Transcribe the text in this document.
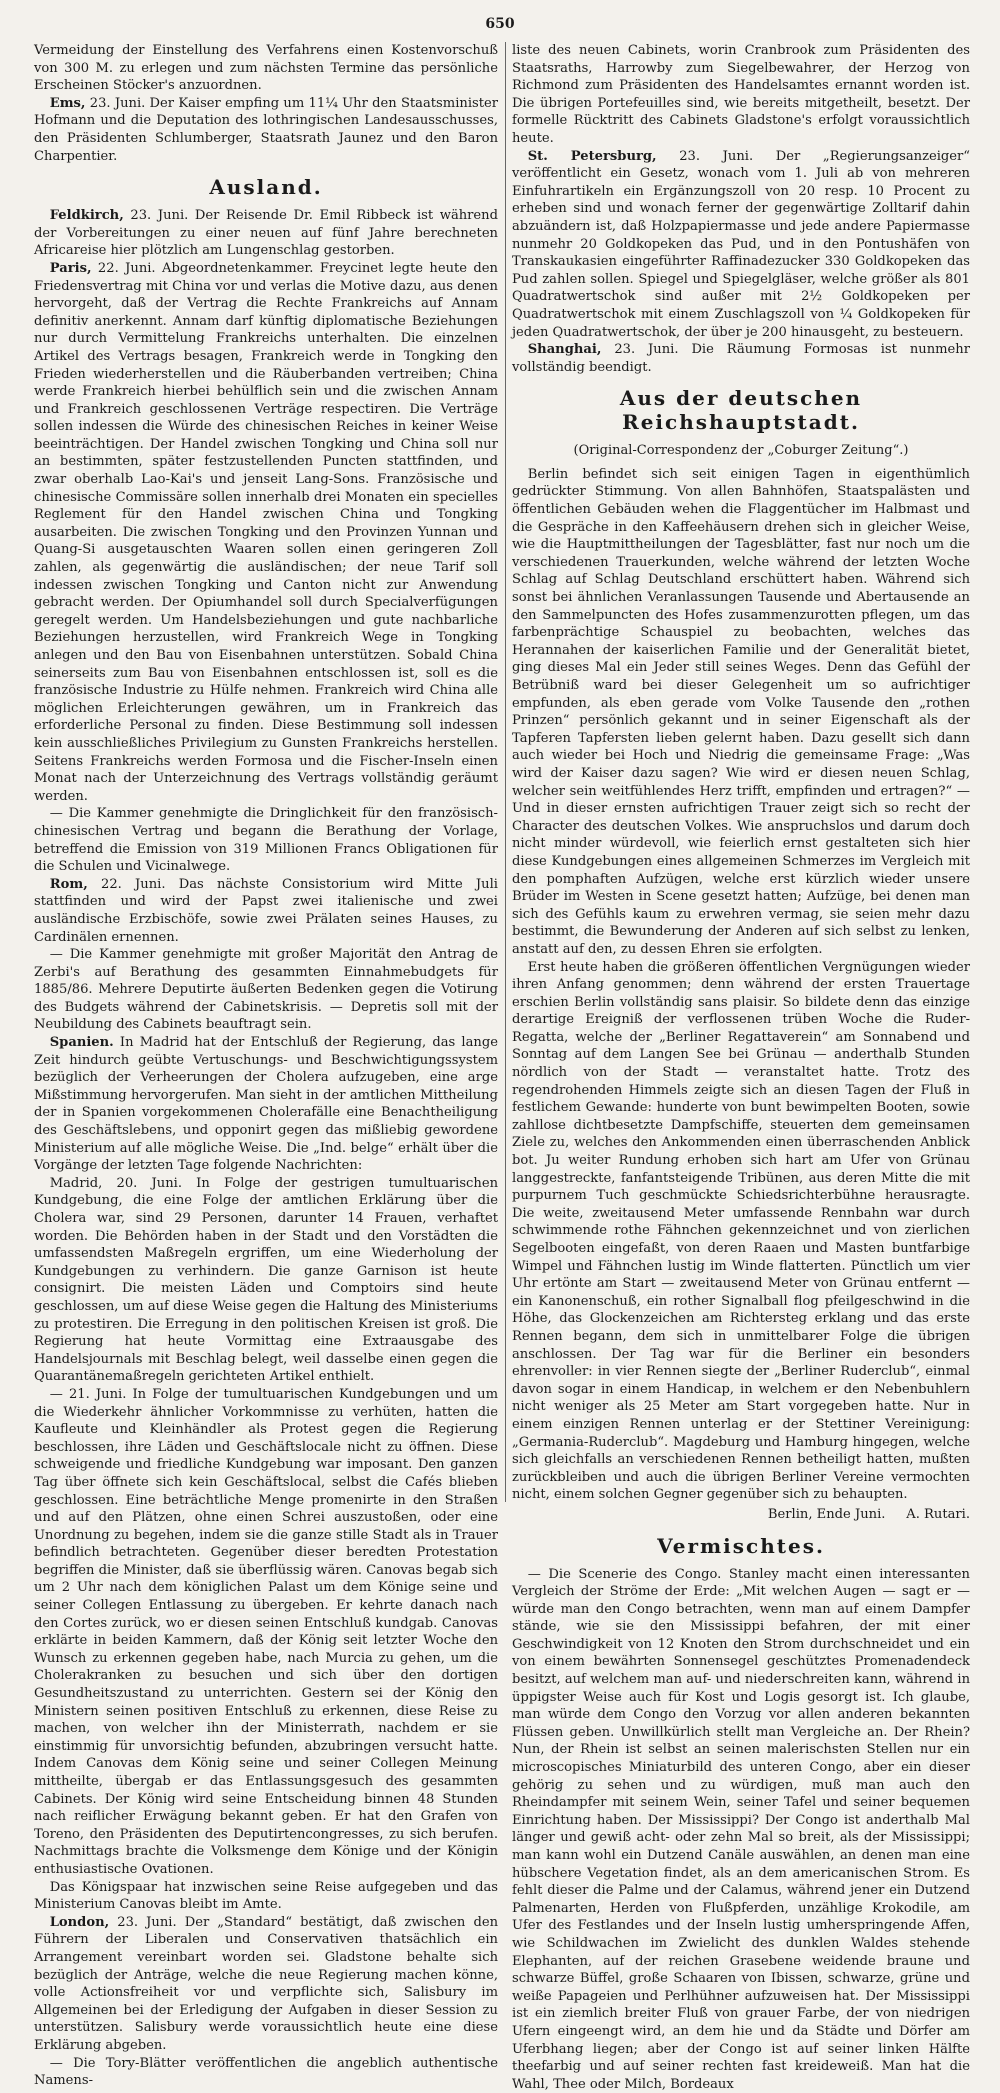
650

Vermeidung der Einstellung des Verfahrens einen Kostenvorschuß von 300 M. zu erlegen und zum nächsten Termine das persönliche Erscheinen Stöcker's anzuordnen.

Ems, 23. Juni. Der Kaiser empfing um 11¼ Uhr den Staatsminister Hofmann und die Deputation des lothringischen Landesausschusses, den Präsidenten Schlumberger, Staatsrath Jaunez und den Baron Charpentier.

Ausland.

Feldkirch, 23. Juni. Der Reisende Dr. Emil Ribbeck ist während der Vorbereitungen zu einer neuen auf fünf Jahre berechneten Africareise hier plötzlich am Lungenschlag gestorben.

Paris, 22. Juni. Abgeordnetenkammer. Freycinet legte heute den Friedensvertrag mit China vor und verlas die Motive dazu, aus denen hervorgeht, daß der Vertrag die Rechte Frankreichs auf Annam definitiv anerkennt. Annam darf künftig diplomatische Beziehungen nur durch Vermittelung Frankreichs unterhalten. Die einzelnen Artikel des Vertrags besagen, Frankreich werde in Tongking den Frieden wiederherstellen und die Räuberbanden vertreiben; China werde Frankreich hierbei behülflich sein und die zwischen Annam und Frankreich geschlossenen Verträge respectiren. Die Verträge sollen indessen die Würde des chinesischen Reiches in keiner Weise beeinträchtigen. Der Handel zwischen Tongking und China soll nur an bestimmten, später festzustellenden Puncten stattfinden, und zwar oberhalb Lao-Kai's und jenseit Lang-Sons. Französische und chinesische Commissäre sollen innerhalb drei Monaten ein specielles Reglement für den Handel zwischen China und Tongking ausarbeiten. Die zwischen Tongking und den Provinzen Yunnan und Quang-Si ausgetauschten Waaren sollen einen geringeren Zoll zahlen, als gegenwärtig die ausländischen; der neue Tarif soll indessen zwischen Tongking und Canton nicht zur Anwendung gebracht werden. Der Opiumhandel soll durch Specialverfügungen geregelt werden. Um Handelsbeziehungen und gute nachbarliche Beziehungen herzustellen, wird Frankreich Wege in Tongking anlegen und den Bau von Eisenbahnen unterstützen. Sobald China seinerseits zum Bau von Eisenbahnen entschlossen ist, soll es die französische Industrie zu Hülfe nehmen. Frankreich wird China alle möglichen Erleichterungen gewähren, um in Frankreich das erforderliche Personal zu finden. Diese Bestimmung soll indessen kein ausschließliches Privilegium zu Gunsten Frankreichs herstellen. Seitens Frankreichs werden Formosa und die Fischer-Inseln einen Monat nach der Unterzeichnung des Vertrags vollständig geräumt werden.

— Die Kammer genehmigte die Dringlichkeit für den französisch-chinesischen Vertrag und begann die Berathung der Vorlage, betreffend die Emission von 319 Millionen Francs Obligationen für die Schulen und Vicinalwege.

Rom, 22. Juni. Das nächste Consistorium wird Mitte Juli stattfinden und wird der Papst zwei italienische und zwei ausländische Erzbischöfe, sowie zwei Prälaten seines Hauses, zu Cardinälen ernennen.

— Die Kammer genehmigte mit großer Majorität den Antrag de Zerbi's auf Berathung des gesammten Einnahmebudgets für 1885/86. Mehrere Deputirte äußerten Bedenken gegen die Votirung des Budgets während der Cabinetskrisis. — Depretis soll mit der Neubildung des Cabinets beauftragt sein.

Spanien. In Madrid hat der Entschluß der Regierung, das lange Zeit hindurch geübte Vertuschungs- und Beschwichtigungssystem bezüglich der Verheerungen der Cholera aufzugeben, eine arge Mißstimmung hervorgerufen. Man sieht in der amtlichen Mittheilung der in Spanien vorgekommenen Cholerafälle eine Benachtheiligung des Geschäftslebens, und opponirt gegen das mißliebig gewordene Ministerium auf alle mögliche Weise. Die „Ind. belge“ erhält über die Vorgänge der letzten Tage folgende Nachrichten:

Madrid, 20. Juni. In Folge der gestrigen tumultuarischen Kundgebung, die eine Folge der amtlichen Erklärung über die Cholera war, sind 29 Personen, darunter 14 Frauen, verhaftet worden. Die Behörden haben in der Stadt und den Vorstädten die umfassendsten Maßregeln ergriffen, um eine Wiederholung der Kundgebungen zu verhindern. Die ganze Garnison ist heute consignirt. Die meisten Läden und Comptoirs sind heute geschlossen, um auf diese Weise gegen die Haltung des Ministeriums zu protestiren. Die Erregung in den politischen Kreisen ist groß. Die Regierung hat heute Vormittag eine Extraausgabe des Handelsjournals mit Beschlag belegt, weil dasselbe einen gegen die Quarantänemaßregeln gerichteten Artikel enthielt.

— 21. Juni. In Folge der tumultuarischen Kundgebungen und um die Wiederkehr ähnlicher Vorkommnisse zu verhüten, hatten die Kaufleute und Kleinhändler als Protest gegen die Regierung beschlossen, ihre Läden und Geschäftslocale nicht zu öffnen. Diese schweigende und friedliche Kundgebung war imposant. Den ganzen Tag über öffnete sich kein Geschäftslocal, selbst die Cafés blieben geschlossen. Eine beträchtliche Menge promenirte in den Straßen und auf den Plätzen, ohne einen Schrei auszustoßen, oder eine Unordnung zu begehen, indem sie die ganze stille Stadt als in Trauer befindlich betrachteten. Gegenüber dieser beredten Protestation begriffen die Minister, daß sie überflüssig wären. Canovas begab sich um 2 Uhr nach dem königlichen Palast um dem Könige seine und seiner Collegen Entlassung zu übergeben. Er kehrte danach nach den Cortes zurück, wo er diesen seinen Entschluß kundgab. Canovas erklärte in beiden Kammern, daß der König seit letzter Woche den Wunsch zu erkennen gegeben habe, nach Murcia zu gehen, um die Cholerakranken zu besuchen und sich über den dortigen Gesundheitszustand zu unterrichten. Gestern sei der König den Ministern seinen positiven Entschluß zu erkennen, diese Reise zu machen, von welcher ihn der Ministerrath, nachdem er sie einstimmig für unvorsichtig befunden, abzubringen versucht hatte. Indem Canovas dem König seine und seiner Collegen Meinung mittheilte, übergab er das Entlassungsgesuch des gesammten Cabinets. Der König wird seine Entscheidung binnen 48 Stunden nach reiflicher Erwägung bekannt geben. Er hat den Grafen von Toreno, den Präsidenten des Deputirtencongresses, zu sich berufen. Nachmittags brachte die Volksmenge dem Könige und der Königin enthusiastische Ovationen.

Das Königspaar hat inzwischen seine Reise aufgegeben und das Ministerium Canovas bleibt im Amte.

London, 23. Juni. Der „Standard“ bestätigt, daß zwischen den Führern der Liberalen und Conservativen thatsächlich ein Arrangement vereinbart worden sei. Gladstone behalte sich bezüglich der Anträge, welche die neue Regierung machen könne, volle Actionsfreiheit vor und verpflichte sich, Salisbury im Allgemeinen bei der Erledigung der Aufgaben in dieser Session zu unterstützen. Salisbury werde voraussichtlich heute eine diese Erklärung abgeben.

— Die Tory-Blätter veröffentlichen die angeblich authentische Namens-

liste des neuen Cabinets, worin Cranbrook zum Präsidenten des Staatsraths, Harrowby zum Siegelbewahrer, der Herzog von Richmond zum Präsidenten des Handelsamtes ernannt worden ist. Die übrigen Portefeuilles sind, wie bereits mitgetheilt, besetzt. Der formelle Rücktritt des Cabinets Gladstone's erfolgt voraussichtlich heute.

St. Petersburg, 23. Juni. Der „Regierungsanzeiger“ veröffentlicht ein Gesetz, wonach vom 1. Juli ab von mehreren Einfuhrartikeln ein Ergänzungszoll von 20 resp. 10 Procent zu erheben sind und wonach ferner der gegenwärtige Zolltarif dahin abzuändern ist, daß Holzpapiermasse und jede andere Papiermasse nunmehr 20 Goldkopeken das Pud, und in den Pontushäfen von Transkaukasien eingeführter Raffinadezucker 330 Goldkopeken das Pud zahlen sollen. Spiegel und Spiegelgläser, welche größer als 801 Quadratwertschok sind außer mit 2½ Goldkopeken per Quadratwertschok mit einem Zuschlagszoll von ¼ Goldkopeken für jeden Quadratwertschok, der über je 200 hinausgeht, zu besteuern.

Shanghai, 23. Juni. Die Räumung Formosas ist nunmehr vollständig beendigt.

Aus der deutschen Reichshauptstadt.
(Original-Correspondenz der „Coburger Zeitung“.)

Berlin befindet sich seit einigen Tagen in eigenthümlich gedrückter Stimmung. Von allen Bahnhöfen, Staatspalästen und öffentlichen Gebäuden wehen die Flaggentücher im Halbmast und die Gespräche in den Kaffeehäusern drehen sich in gleicher Weise, wie die Hauptmittheilungen der Tagesblätter, fast nur noch um die verschiedenen Trauerkunden, welche während der letzten Woche Schlag auf Schlag Deutschland erschüttert haben. Während sich sonst bei ähnlichen Veranlassungen Tausende und Abertausende an den Sammelpuncten des Hofes zusammenzurotten pflegen, um das farbenprächtige Schauspiel zu beobachten, welches das Herannahen der kaiserlichen Familie und der Generalität bietet, ging dieses Mal ein Jeder still seines Weges. Denn das Gefühl der Betrübniß ward bei dieser Gelegenheit um so aufrichtiger empfunden, als eben gerade vom Volke Tausende den „rothen Prinzen“ persönlich gekannt und in seiner Eigenschaft als der Tapferen Tapfersten lieben gelernt haben. Dazu gesellt sich dann auch wieder bei Hoch und Niedrig die gemeinsame Frage: „Was wird der Kaiser dazu sagen? Wie wird er diesen neuen Schlag, welcher sein weitfühlendes Herz trifft, empfinden und ertragen?“ — Und in dieser ernsten aufrichtigen Trauer zeigt sich so recht der Character des deutschen Volkes. Wie anspruchslos und darum doch nicht minder würdevoll, wie feierlich ernst gestalteten sich hier diese Kundgebungen eines allgemeinen Schmerzes im Vergleich mit den pomphaften Aufzügen, welche erst kürzlich wieder unsere Brüder im Westen in Scene gesetzt hatten; Aufzüge, bei denen man sich des Gefühls kaum zu erwehren vermag, sie seien mehr dazu bestimmt, die Bewunderung der Anderen auf sich selbst zu lenken, anstatt auf den, zu dessen Ehren sie erfolgten.

Erst heute haben die größeren öffentlichen Vergnügungen wieder ihren Anfang genommen; denn während der ersten Trauertage erschien Berlin vollständig sans plaisir. So bildete denn das einzige derartige Ereigniß der verflossenen trüben Woche die Ruder-Regatta, welche der „Berliner Regattaverein“ am Sonnabend und Sonntag auf dem Langen See bei Grünau — anderthalb Stunden nördlich von der Stadt — veranstaltet hatte. Trotz des regendrohenden Himmels zeigte sich an diesen Tagen der Fluß in festlichem Gewande: hunderte von bunt bewimpelten Booten, sowie zahllose dichtbesetzte Dampfschiffe, steuerten dem gemeinsamen Ziele zu, welches den Ankommenden einen überraschenden Anblick bot. Ju weiter Rundung erhoben sich hart am Ufer von Grünau langgestreckte, fanfantsteigende Tribünen, aus deren Mitte die mit purpurnem Tuch geschmückte Schiedsrichterbühne herausragte. Die weite, zweitausend Meter umfassende Rennbahn war durch schwimmende rothe Fähnchen gekennzeichnet und von zierlichen Segelbooten eingefaßt, von deren Raaen und Masten buntfarbige Wimpel und Fähnchen lustig im Winde flatterten. Pünctlich um vier Uhr ertönte am Start — zweitausend Meter von Grünau entfernt — ein Kanonenschuß, ein rother Signalball flog pfeilgeschwind in die Höhe, das Glockenzeichen am Richtersteg erklang und das erste Rennen begann, dem sich in unmittelbarer Folge die übrigen anschlossen. Der Tag war für die Berliner ein besonders ehrenvoller: in vier Rennen siegte der „Berliner Ruderclub“, einmal davon sogar in einem Handicap, in welchem er den Nebenbuhlern nicht weniger als 25 Meter am Start vorgegeben hatte. Nur in einem einzigen Rennen unterlag er der Stettiner Vereinigung: „Germania-Ruderclub“. Magdeburg und Hamburg hingegen, welche sich gleichfalls an verschiedenen Rennen betheiligt hatten, mußten zurückbleiben und auch die übrigen Berliner Vereine vermochten nicht, einem solchen Gegner gegenüber sich zu behaupten.

Berlin, Ende Juni. A. Rutari.
Vermischtes.

— Die Scenerie des Congo. Stanley macht einen interessanten Vergleich der Ströme der Erde: „Mit welchen Augen — sagt er — würde man den Congo betrachten, wenn man auf einem Dampfer stände, wie sie den Mississippi befahren, der mit einer Geschwindigkeit von 12 Knoten den Strom durchschneidet und ein von einem bewährten Sonnensegel geschütztes Promenadendeck besitzt, auf welchem man auf- und niederschreiten kann, während in üppigster Weise auch für Kost und Logis gesorgt ist. Ich glaube, man würde dem Congo den Vorzug vor allen anderen bekannten Flüssen geben. Unwillkürlich stellt man Vergleiche an. Der Rhein? Nun, der Rhein ist selbst an seinen malerischsten Stellen nur ein microscopisches Miniaturbild des unteren Congo, aber ein dieser gehörig zu sehen und zu würdigen, muß man auch den Rheindampfer mit seinem Wein, seiner Tafel und seiner bequemen Einrichtung haben. Der Mississippi? Der Congo ist anderthalb Mal länger und gewiß acht- oder zehn Mal so breit, als der Mississippi; man kann wohl ein Dutzend Canäle auswählen, an denen man eine hübschere Vegetation findet, als an dem americanischen Strom. Es fehlt dieser die Palme und der Calamus, während jener ein Dutzend Palmenarten, Herden von Flußpferden, unzählige Krokodile, am Ufer des Festlandes und der Inseln lustig umherspringende Affen, wie Schildwachen im Zwielicht des dunklen Waldes stehende Elephanten, auf der reichen Grasebene weidende braune und schwarze Büffel, große Schaaren von Ibissen, schwarze, grüne und weiße Papageien und Perlhühner aufzuweisen hat. Der Mississippi ist ein ziemlich breiter Fluß von grauer Farbe, der von niedrigen Ufern eingeengt wird, an dem hie und da Städte und Dörfer am Uferbhang liegen; aber der Congo ist auf seiner linken Hälfte theefarbig und auf seiner rechten fast kreideweiß. Man hat die Wahl, Thee oder Milch, Bordeaux
